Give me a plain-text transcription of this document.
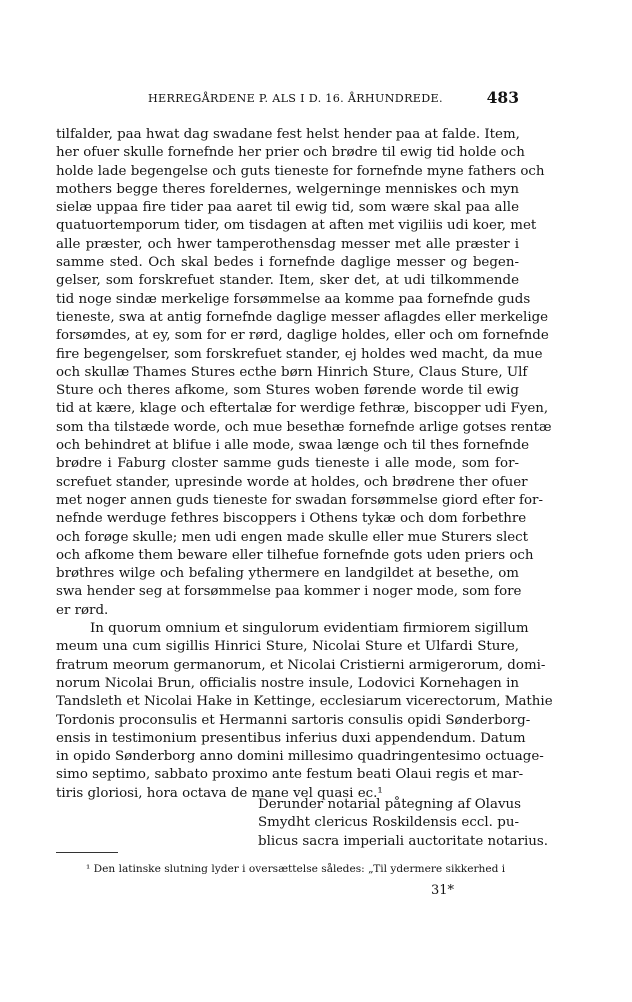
HERREGÅRDENE P. ALS I D. 16. ÅRHUNDREDE.	483
tilfalder, paa hwat dag swadane fest helst hender paa at falde. Item,
her ofuer skulle fornefnde her prier och brødre til ewig tid holde och
holde lade begengelse och guts tieneste for fornefnde myne fathers och
mothers begge theres foreldernes, welgerninge menniskes och myn
sielæ uppaa fire tider paa aaret til ewig tid, som wære skal paa alle
quatuortemporum tider, om tisdagen at aften met vigiliis udi koer, met
alle præster, och hwer tamperothensdag messer met alle præster i
samme sted. Och skal bedes i fornefnde daglige messer og begen-
gelser, som forskrefuet stander. Item, sker det, at udi tilkommende
tid noge sindæ merkelige forsømmelse aa komme paa fornefnde guds
tieneste, swa at antig fornefnde daglige messer aflagdes eller merkelige
forsømdes, at ey, som for er rørd, daglige holdes, eller och om fornefnde
fire begengelser, som forskrefuet stander, ej holdes wed macht, da mue
och skullæ Thames Stures ecthe børn Hinrich Sture, Claus Sture, Ulf
Sture och theres afkome, som Stures woben førende worde til ewig
tid at kære, klage och eftertalæ for werdige fethræ, biscopper udi Fyen,
som tha tilstæde worde, och mue besethæ fornefnde arlige gotses rentæ
och behindret at blifue i alle mode, swaa længe och til thes fornefnde
brødre i Faburg closter samme guds tieneste i alle mode, som for-
screfuet stander, upresinde worde at holdes, och brødrene ther ofuer
met noger annen guds tieneste for swadan forsømmelse giord efter for-
nefnde werduge fethres biscoppers i Othens tykæ och dom forbethre
och forøge skulle; men udi engen made skulle eller mue Sturers slect
och afkome them beware eller tilhefue fornefnde gots uden priers och
brøthres wilge och befaling ythermere en landgildet at besethe, om
swa hender seg at forsømmelse paa kommer i noger mode, som fore
er rørd.
In quorum omnium et singulorum evidentiam firmiorem sigillum
meum una cum sigillis Hinrici Sture, Nicolai Sture et Ulfardi Sture,
fratrum meorum germanorum, et Nicolai Cristierni armigerorum, domi-
norum Nicolai Brun, officialis nostre insule, Lodovici Kornehagen in
Tandsleth et Nicolai Hake in Kettinge, ecclesiarum vicerectorum, Mathie
Tordonis proconsulis et Hermanni sartoris consulis opidi Sønderborg-
ensis in testimonium presentibus inferius duxi appendendum. Datum
in opido Sønderborg anno domini millesimo quadringentesimo octuage-
simo septimo, sabbato proximo ante festum beati Olaui regis et mar-
tiris gloriosi, hora octava de mane vel quasi ec.¹
Derunder notarial påtegning af Olavus
Smydht clericus Roskildensis eccl. pu-
blicus sacra imperiali auctoritate notarius.
¹ Den latinske slutning lyder i oversættelse således: „Til ydermere sikkerhed i
31*
